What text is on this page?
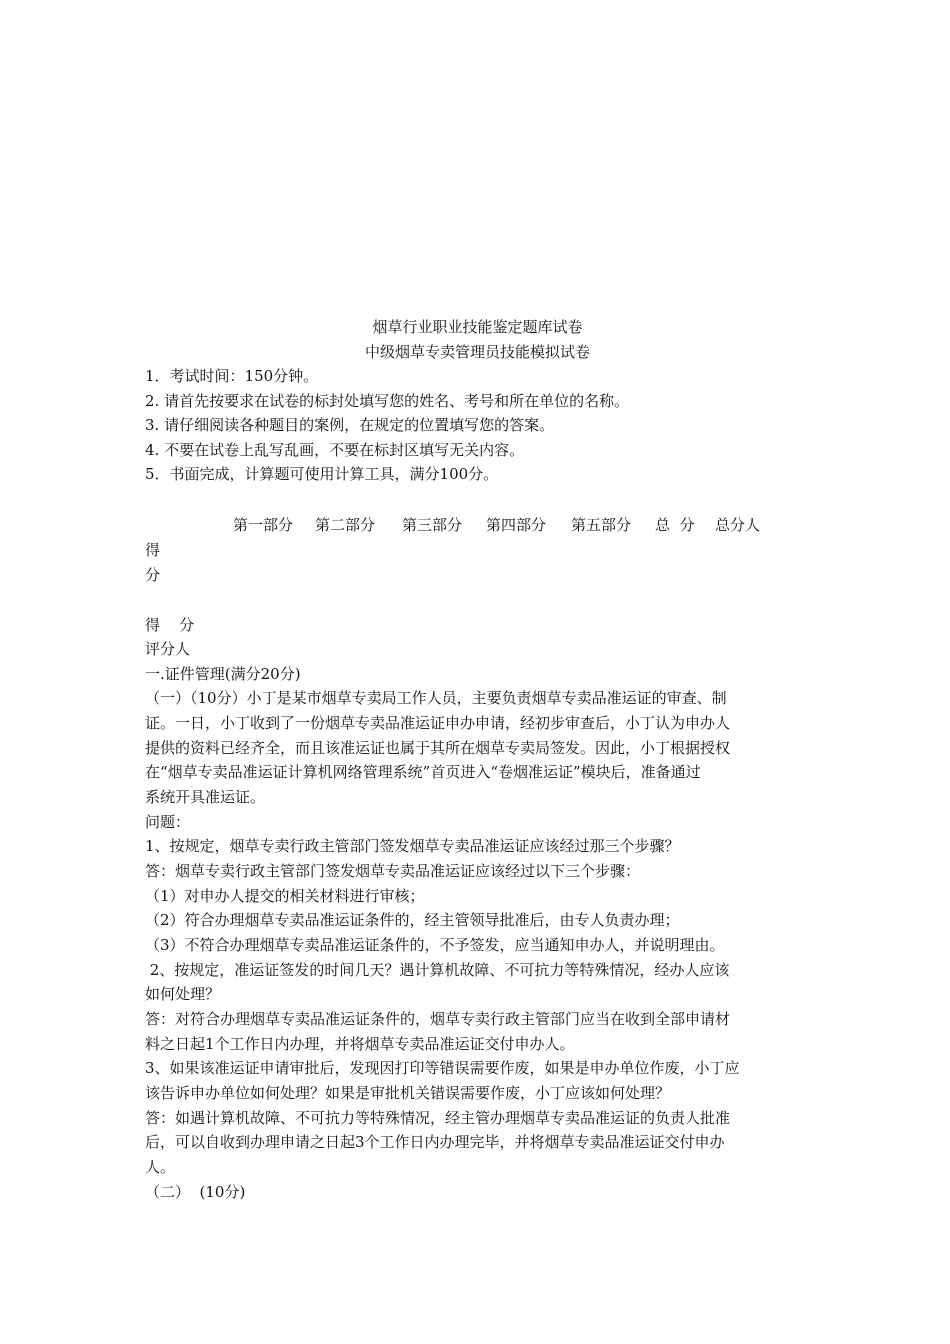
烟草行业职业技能鉴定题库试卷
中级烟草专卖管理员技能模拟试卷
1．考试时间：150分钟。
2. 请首先按要求在试卷的标封处填写您的姓名、考号和所在单位的名称。
3. 请仔细阅读各种题目的案例，在规定的位置填写您的答案。
4. 不要在试卷上乱写乱画，不要在标封区填写无关内容。
5．书面完成，计算题可使用计算工具，满分100分。
第一部分 第二部分 第三部分 第四部分 第五部分 总  分 总分人
得
分
得    分
评分人
一.证件管理(满分20分)
（一）（10分）小丁是某市烟草专卖局工作人员，主要负责烟草专卖品准运证的审查、制
证。一日，小丁收到了一份烟草专卖品准运证申办申请，经初步审查后，小丁认为申办人
提供的资料已经齐全，而且该准运证也属于其所在烟草专卖局签发。因此，小丁根据授权
在“烟草专卖品准运证计算机网络管理系统”首页进入“卷烟准运证”模块后，准备通过
系统开具准运证。
问题：
1、按规定，烟草专卖行政主管部门签发烟草专卖品准运证应该经过那三个步骤？
答：烟草专卖行政主管部门签发烟草专卖品准运证应该经过以下三个步骤：
（1）对申办人提交的相关材料进行审核；
（2）符合办理烟草专卖品准运证条件的，经主管领导批准后，由专人负责办理；
（3）不符合办理烟草专卖品准运证条件的，不予签发，应当通知申办人，并说明理由。
2、按规定，准运证签发的时间几天？遇计算机故障、不可抗力等特殊情况，经办人应该
如何处理？
答：对符合办理烟草专卖品准运证条件的，烟草专卖行政主管部门应当在收到全部申请材
料之日起1个工作日内办理，并将烟草专卖品准运证交付申办人。
3、如果该准运证申请审批后，发现因打印等错误需要作废，如果是申办单位作废，小丁应
该告诉申办单位如何处理？如果是审批机关错误需要作废，小丁应该如何处理？
答：如遇计算机故障、不可抗力等特殊情况，经主管办理烟草专卖品准运证的负责人批准
后，可以自收到办理申请之日起3个工作日内办理完毕，并将烟草专卖品准运证交付申办
人。
（二）  (10分)
